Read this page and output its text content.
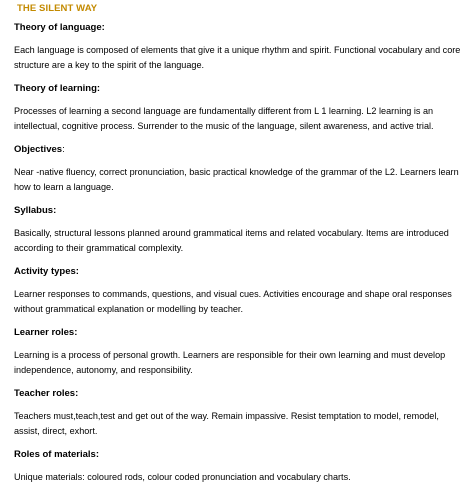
THE SILENT WAY
Theory of language:
Each language is composed of elements that give it a unique rhythm and spirit. Functional vocabulary and core structure are a key to the spirit of the language.
Theory of learning:
Processes of learning a second language are fundamentally different from L 1 learning. L2 learning is an intellectual, cognitive process. Surrender to the music of the language, silent awareness, and active trial.
Objectives:
Near -native fluency, correct pronunciation, basic practical knowledge of the grammar of the L2. Learners learn how to learn a language.
Syllabus:
Basically, structural lessons planned around grammatical items and related vocabulary. Items are introduced according to their grammatical complexity.
Activity types:
Learner responses to commands, questions, and visual cues. Activities encourage and shape oral responses without grammatical explanation or modelling by teacher.
Learner roles:
Learning is a process of personal growth. Learners are responsible for their own learning and must develop independence, autonomy, and responsibility.
Teacher roles:
Teachers must,teach,test and get out of the way. Remain impassive. Resist temptation to model, remodel, assist, direct, exhort.
Roles of materials:
Unique materials: coloured rods, colour coded pronunciation and vocabulary charts.
